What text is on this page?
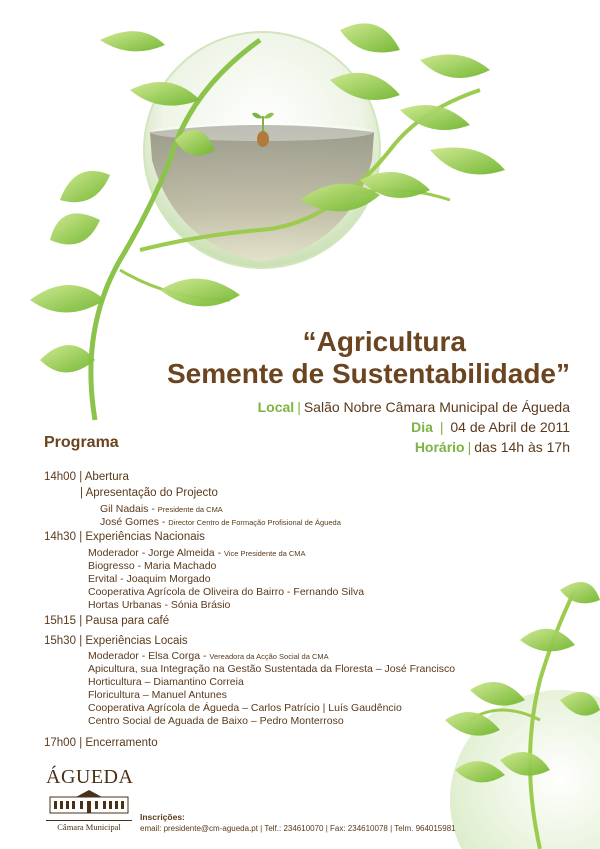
“Agricultura
Semente de Sustentabilidade”
Local | Salão Nobre Câmara Municipal de Águeda
Dia | 04 de Abril de 2011
Horário | das 14h às 17h
Programa
14h00 | Abertura
| Apresentação do Projecto
Gil Nadais - Presidente da CMA
José Gomes - Director Centro de Formação Profisional de Águeda
14h30 | Experiências Nacionais
Moderador - Jorge Almeida - Vice Presidente da CMA
Biogresso - Maria Machado
Ervital - Joaquim Morgado
Cooperativa Agrícola de Oliveira do Bairro - Fernando Silva
Hortas Urbanas - Sónia Brásio
15h15 | Pausa para café
15h30 | Experiências Locais
Moderador - Elsa Corga - Vereadora da Acção Social da CMA
Apicultura, sua Integração na Gestão Sustentada da Floresta – José Francisco
Horticultura – Diamantino Correia
Floricultura – Manuel Antunes
Cooperativa Agrícola de Águeda – Carlos Patrício | Luís Gaudêncio
Centro Social de Aguada de Baixo – Pedro Monterroso
17h00 | Encerramento
ÁGUEDA
Câmara Municipal
Inscrições:
email: presidente@cm-agueda.pt | Telf.: 234610070 | Fax: 234610078 | Telm. 964015981
